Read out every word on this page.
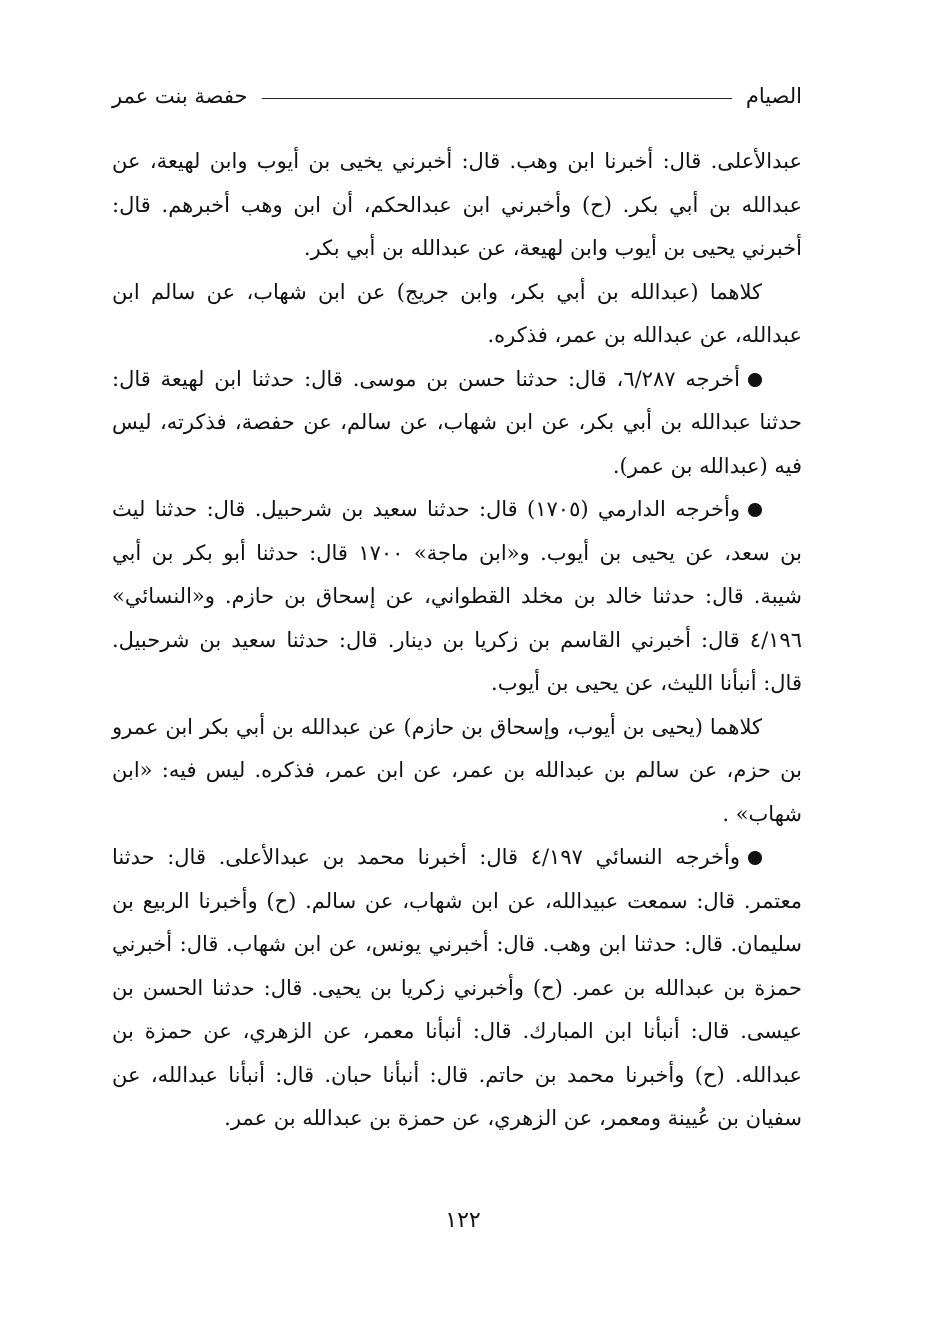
الصيام
حفصة بنت عمر

عبدالأعلى. قال: أخبرنا ابن وهب. قال: أخبرني يخيى بن أيوب وابن لهيعة، عن عبدالله بن أبي بكر. (ح) وأخبرني ابن عبدالحكم، أن ابن وهب أخبرهم. قال: أخبرني يحيى بن أيوب وابن لهيعة، عن عبدالله بن أبي بكر.

كلاهما (عبدالله بن أبي بكر، وابن جريج) عن ابن شهاب، عن سالم ابن عبدالله، عن عبدالله بن عمر، فذكره.

أخرجه ٦/٢٨٧، قال: حدثنا حسن بن موسى. قال: حدثنا ابن لهيعة قال: حدثنا عبدالله بن أبي بكر، عن ابن شهاب، عن سالم، عن حفصة، فذكرته، ليس فيه (عبدالله بن عمر).

وأخرجه الدارمي (١٧٠٥) قال: حدثنا سعيد بن شرحبيل. قال: حدثنا ليث بن سعد، عن يحيى بن أيوب. و«ابن ماجة» ١٧٠٠ قال: حدثنا أبو بكر بن أبي شيبة. قال: حدثنا خالد بن مخلد القطواني، عن إسحاق بن حازم. و«النسائي» ٤/١٩٦ قال: أخبرني القاسم بن زكريا بن دينار. قال: حدثنا سعيد بن شرحبيل. قال: أنبأنا الليث، عن يحيى بن أيوب.

كلاهما (يحيى بن أيوب، وإسحاق بن حازم) عن عبدالله بن أبي بكر ابن عمرو بن حزم، عن سالم بن عبدالله بن عمر، عن ابن عمر، فذكره. ليس فيه: «ابن شهاب» .

وأخرجه النسائي ٤/١٩٧ قال: أخبرنا محمد بن عبدالأعلى. قال: حدثنا معتمر. قال: سمعت عبيدالله، عن ابن شهاب، عن سالم. (ح) وأخبرنا الربيع بن سليمان. قال: حدثنا ابن وهب. قال: أخبرني يونس، عن ابن شهاب. قال: أخبرني حمزة بن عبدالله بن عمر. (ح) وأخبرني زكريا بن يحيى. قال: حدثنا الحسن بن عيسى. قال: أنبأنا ابن المبارك. قال: أنبأنا معمر، عن الزهري، عن حمزة بن عبدالله. (ح) وأخبرنا محمد بن حاتم. قال: أنبأنا حبان. قال: أنبأنا عبدالله، عن سفيان بن عُيينة ومعمر، عن الزهري، عن حمزة بن عبدالله بن عمر.

١٢٢
